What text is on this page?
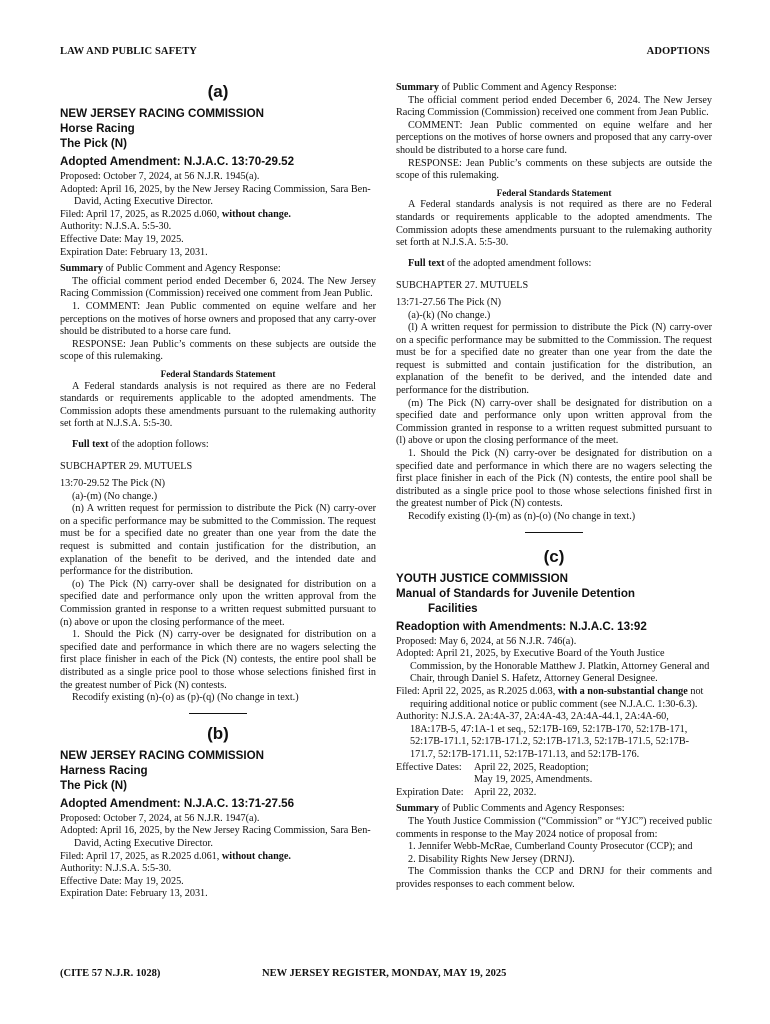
LAW AND PUBLIC SAFETY	ADOPTIONS
(a)
NEW JERSEY RACING COMMISSION
Horse Racing
The Pick (N)
Adopted Amendment: N.J.A.C. 13:70-29.52

Proposed: October 7, 2024, at 56 N.J.R. 1945(a).

Adopted: April 16, 2025, by the New Jersey Racing Commission, Sara Ben-David, Acting Executive Director.

Filed: April 17, 2025, as R.2025 d.060, without change.

Authority: N.J.S.A. 5:5-30.

Effective Date: May 19, 2025.

Expiration Date: February 13, 2031.

Summary of Public Comment and Agency Response:

The official comment period ended December 6, 2024. The New Jersey Racing Commission (Commission) received one comment from Jean Public.

1. COMMENT: Jean Public commented on equine welfare and her perceptions on the motives of horse owners and proposed that any carry-over should be distributed to a horse care fund.

RESPONSE: Jean Public’s comments on these subjects are outside the scope of this rulemaking.

Federal Standards Statement

A Federal standards analysis is not required as there are no Federal standards or requirements applicable to the adopted amendments. The Commission adopts these amendments pursuant to the rulemaking authority set forth at N.J.S.A. 5:5-30.

Full text of the adoption follows:

SUBCHAPTER 29. MUTUELS

13:70-29.52 The Pick (N)

(a)-(m) (No change.)

(n) A written request for permission to distribute the Pick (N) carry-over on a specific performance may be submitted to the Commission. The request must be for a specified date no greater than one year from the date the request is submitted and contain justification for the distribution, an explanation of the benefit to be derived, and the intended date and performance for the distribution.

(o) The Pick (N) carry-over shall be designated for distribution on a specified date and performance only upon the written approval from the Commission granted in response to a written request submitted pursuant to (n) above or upon the closing performance of the meet.

1. Should the Pick (N) carry-over be designated for distribution on a specified date and performance in which there are no wagers selecting the first place finisher in each of the Pick (N) contests, the entire pool shall be distributed as a single price pool to those whose selections finished first in the greatest number of Pick (N) contests.

Recodify existing (n)-(o) as (p)-(q) (No change in text.)

(b)
NEW JERSEY RACING COMMISSION
Harness Racing
The Pick (N)
Adopted Amendment: N.J.A.C. 13:71-27.56

Proposed: October 7, 2024, at 56 N.J.R. 1947(a).

Adopted: April 16, 2025, by the New Jersey Racing Commission, Sara Ben-David, Acting Executive Director.

Filed: April 17, 2025, as R.2025 d.061, without change.

Authority: N.J.S.A. 5:5-30.

Effective Date: May 19, 2025.

Expiration Date: February 13, 2031.

Summary of Public Comment and Agency Response:

The official comment period ended December 6, 2024. The New Jersey Racing Commission (Commission) received one comment from Jean Public.

COMMENT: Jean Public commented on equine welfare and her perceptions on the motives of horse owners and proposed that any carry-over should be distributed to a horse care fund.

RESPONSE: Jean Public’s comments on these subjects are outside the scope of this rulemaking.

Federal Standards Statement

A Federal standards analysis is not required as there are no Federal standards or requirements applicable to the adopted amendments. The Commission adopts these amendments pursuant to the rulemaking authority set forth at N.J.S.A. 5:5-30.

Full text of the adopted amendment follows:

SUBCHAPTER 27. MUTUELS

13:71-27.56 The Pick (N)

(a)-(k) (No change.)

(l) A written request for permission to distribute the Pick (N) carry-over on a specific performance may be submitted to the Commission. The request must be for a specified date no greater than one year from the date the request is submitted and contain justification for the distribution, an explanation of the benefit to be derived, and the intended date and performance for the distribution.

(m) The Pick (N) carry-over shall be designated for distribution on a specified date and performance only upon written approval from the Commission granted in response to a written request submitted pursuant to (l) above or upon the closing performance of the meet.

1. Should the Pick (N) carry-over be designated for distribution on a specified date and performance in which there are no wagers selecting the first place finisher in each of the Pick (N) contests, the entire pool shall be distributed as a single price pool to those whose selections finished first in the greatest number of Pick (N) contests.

Recodify existing (l)-(m) as (n)-(o) (No change in text.)

(c)
YOUTH JUSTICE COMMISSION
Manual of Standards for Juvenile Detention
Facilities
Readoption with Amendments: N.J.A.C. 13:92

Proposed: May 6, 2024, at 56 N.J.R. 746(a).

Adopted: April 21, 2025, by Executive Board of the Youth Justice Commission, by the Honorable Matthew J. Platkin, Attorney General and Chair, through Daniel S. Hafetz, Attorney General Designee.

Filed: April 22, 2025, as R.2025 d.063, with a non-substantial change not requiring additional notice or public comment (see N.J.A.C. 1:30-6.3).

Authority: N.J.S.A. 2A:4A-37, 2A:4A-43, 2A:4A-44.1, 2A:4A-60, 18A:17B-5, 47:1A-1 et seq., 52:17B-169, 52:17B-170, 52:17B-171, 52:17B-171.1, 52:17B-171.2, 52:17B-171.3, 52:17B-171.5, 52:17B-171.7, 52:17B-171.11, 52:17B-171.13, and 52:17B-176.

Effective Dates:	April 22, 2025, Readoption;
May 19, 2025, Amendments.
Expiration Date:	April 22, 2032.

Summary of Public Comments and Agency Responses:

The Youth Justice Commission (“Commission” or “YJC”) received public comments in response to the May 2024 notice of proposal from:

1. Jennifer Webb-McRae, Cumberland County Prosecutor (CCP); and

2. Disability Rights New Jersey (DRNJ).

The Commission thanks the CCP and DRNJ for their comments and provides responses to each comment below.

(CITE 57 N.J.R. 1028)	NEW JERSEY REGISTER, MONDAY, MAY 19, 2025
